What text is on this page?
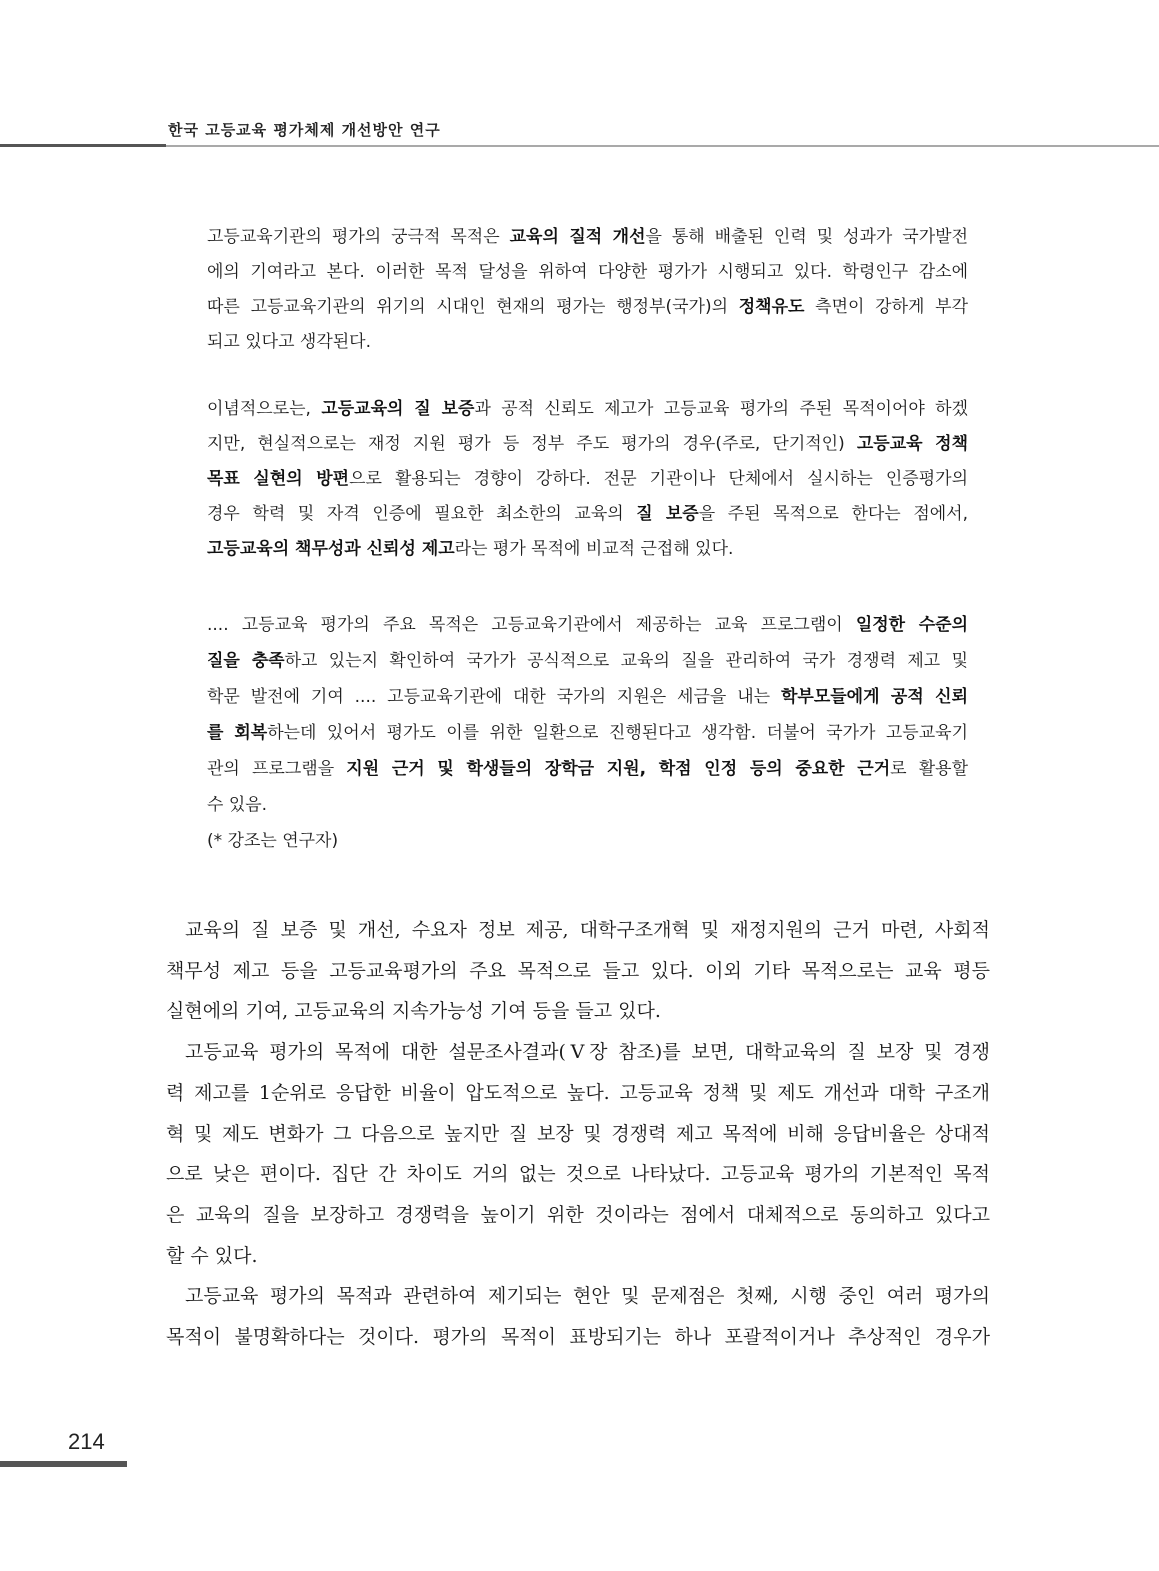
한국 고등교육 평가체제 개선방안 연구
고등교육기관의 평가의 궁극적 목적은 교육의 질적 개선을 통해 배출된 인력 및 성과가 국가발전
에의 기여라고 본다. 이러한 목적 달성을 위하여 다양한 평가가 시행되고 있다. 학령인구 감소에
따른 고등교육기관의 위기의 시대인 현재의 평가는 행정부(국가)의 정책유도 측면이 강하게 부각
되고 있다고 생각된다.
이념적으로는, 고등교육의 질 보증과 공적 신뢰도 제고가 고등교육 평가의 주된 목적이어야 하겠
지만, 현실적으로는 재정 지원 평가 등 정부 주도 평가의 경우(주로, 단기적인) 고등교육 정책
목표 실현의 방편으로 활용되는 경향이 강하다. 전문 기관이나 단체에서 실시하는 인증평가의
경우 학력 및 자격 인증에 필요한 최소한의 교육의 질 보증을 주된 목적으로 한다는 점에서,
고등교육의 책무성과 신뢰성 제고라는 평가 목적에 비교적 근접해 있다.
.... 고등교육 평가의 주요 목적은 고등교육기관에서 제공하는 교육 프로그램이 일정한 수준의
질을 충족하고 있는지 확인하여 국가가 공식적으로 교육의 질을 관리하여 국가 경쟁력 제고 및
학문 발전에 기여 .... 고등교육기관에 대한 국가의 지원은 세금을 내는 학부모들에게 공적 신뢰
를 회복하는데 있어서 평가도 이를 위한 일환으로 진행된다고 생각함. 더불어 국가가 고등교육기
관의 프로그램을 지원 근거 및 학생들의 장학금 지원, 학점 인정 등의 중요한 근거로 활용할
수 있음.
(* 강조는 연구자)
교육의 질 보증 및 개선, 수요자 정보 제공, 대학구조개혁 및 재정지원의 근거 마련, 사회적
책무성 제고 등을 고등교육평가의 주요 목적으로 들고 있다. 이외 기타 목적으로는 교육 평등
실현에의 기여, 고등교육의 지속가능성 기여 등을 들고 있다.
고등교육 평가의 목적에 대한 설문조사결과(Ⅴ장 참조)를 보면, 대학교육의 질 보장 및 경쟁
력 제고를 1순위로 응답한 비율이 압도적으로 높다. 고등교육 정책 및 제도 개선과 대학 구조개
혁 및 제도 변화가 그 다음으로 높지만 질 보장 및 경쟁력 제고 목적에 비해 응답비율은 상대적
으로 낮은 편이다. 집단 간 차이도 거의 없는 것으로 나타났다. 고등교육 평가의 기본적인 목적
은 교육의 질을 보장하고 경쟁력을 높이기 위한 것이라는 점에서 대체적으로 동의하고 있다고
할 수 있다.
고등교육 평가의 목적과 관련하여 제기되는 현안 및 문제점은 첫째, 시행 중인 여러 평가의
목적이 불명확하다는 것이다. 평가의 목적이 표방되기는 하나 포괄적이거나 추상적인 경우가
214
